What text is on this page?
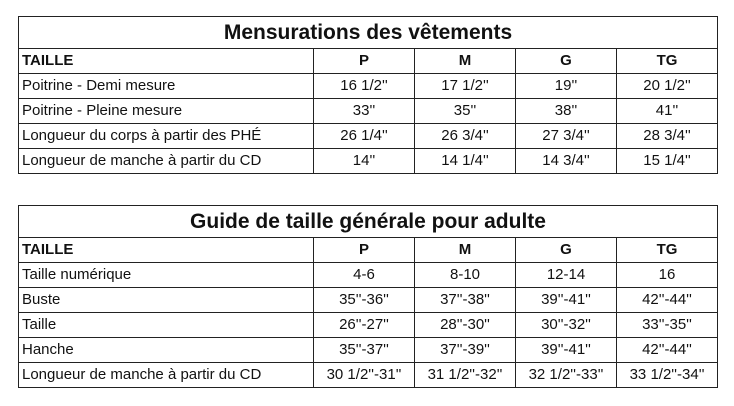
Mensurations des vêtements				
TAILLE	P	M	G	TG
Poitrine - Demi mesure	16 1/2''	17 1/2''	19''	20 1/2''
Poitrine - Pleine mesure	33''	35''	38''	41''
Longueur du corps à partir des PHÉ	26 1/4''	26 3/4''	27 3/4''	28 3/4''
Longueur de manche à partir du CD	14''	14 1/4''	14 3/4''	15 1/4''
Guide de taille générale pour adulte				
TAILLE	P	M	G	TG
Taille numérique	4-6	8-10	12-14	16
Buste	35''-36''	37''-38''	39''-41''	42''-44''
Taille	26''-27''	28''-30''	30''-32''	33''-35''
Hanche	35''-37''	37''-39''	39''-41''	42''-44''
Longueur de manche à partir du CD	30 1/2''-31''	31 1/2''-32''	32 1/2''-33''	33 1/2''-34''
